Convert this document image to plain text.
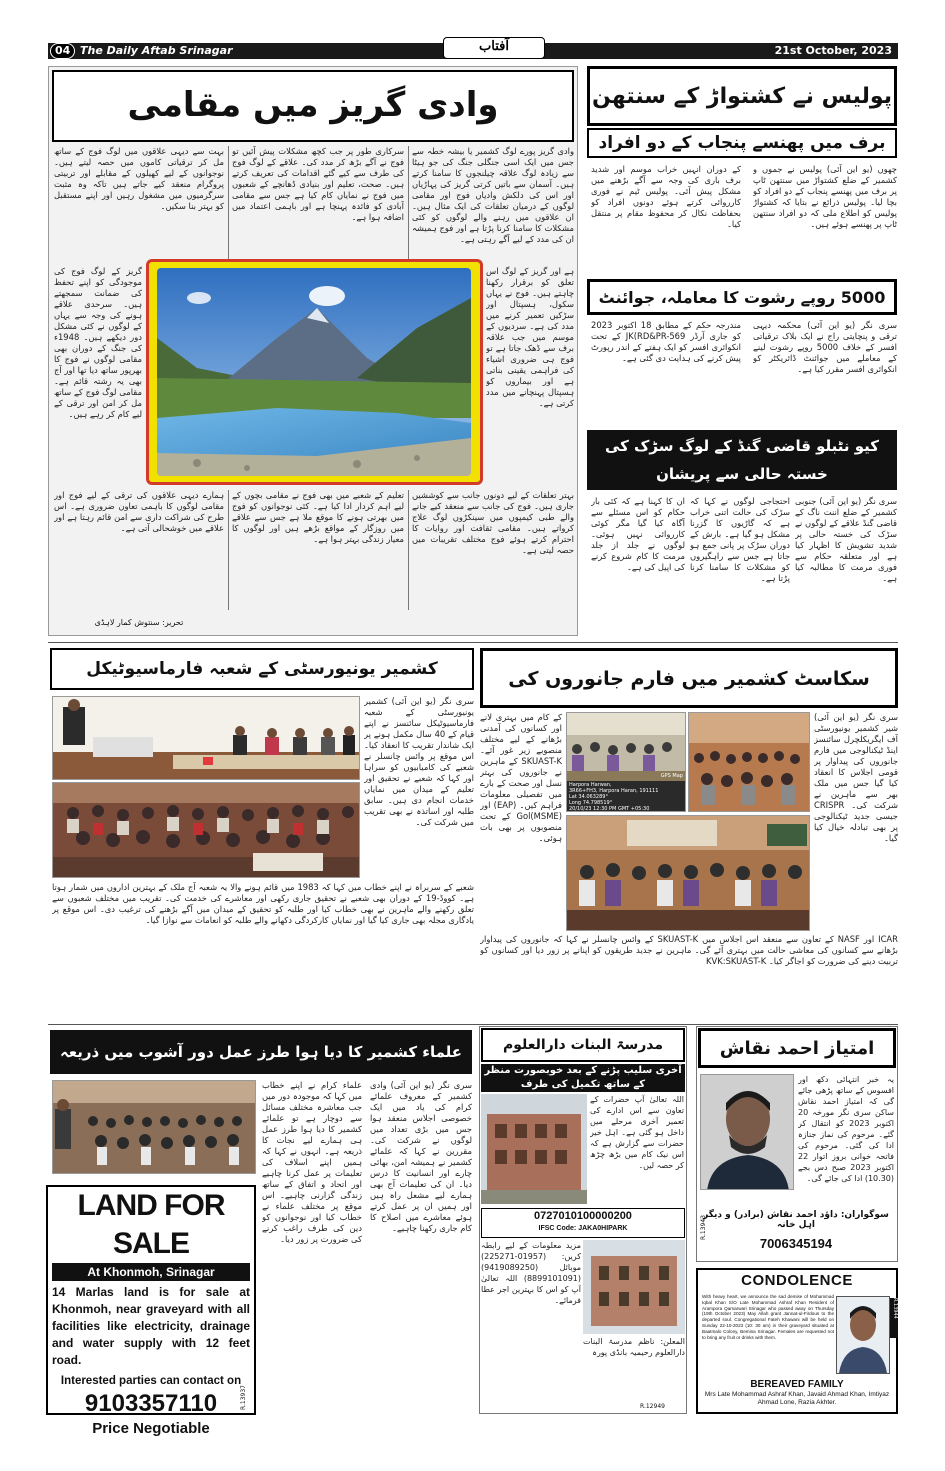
04 The Daily Aftab Srinagar	آفتاب	21st October, 2023
وادی گریز میں مقامی
وادی گریز پورے لوگ کشمیر یا بیشہ خطہ سے جس میں ایک اسی جنگلی جنگ کی جو ہیٹا سے زیادہ لوگ علاقہ چیلنجوں کا سامنا کرتے ہیں۔ آسمان سے باتیں کرتی گریز کی پہاڑیاں اور اس کی دلکش وادیاں فوج اور مقامی لوگوں کے درمیان تعلقات کی ایک مثال ہیں۔ ان علاقوں میں رہنے والے لوگوں کو کئی مشکلات کا سامنا کرنا پڑتا ہے اور فوج ہمیشہ ان کی مدد کے لیے آگے رہتی ہے۔
سرکاری طور پر جب کچھ مشکلات پیش آئیں تو فوج نے آگے بڑھ کر مدد کی۔ علاقے کے لوگ فوج کی طرف سے کیے گئے اقدامات کی تعریف کرتے ہیں۔ صحت، تعلیم اور بنیادی ڈھانچے کے شعبوں میں فوج نے نمایاں کام کیا ہے جس سے مقامی آبادی کو فائدہ پہنچا ہے اور باہمی اعتماد میں اضافہ ہوا ہے۔
بہت سے دیہی علاقوں میں لوگ فوج کے ساتھ مل کر ترقیاتی کاموں میں حصہ لیتے ہیں۔ نوجوانوں کے لیے کھیلوں کے مقابلے اور تربیتی پروگرام منعقد کیے جاتے ہیں تاکہ وہ مثبت سرگرمیوں میں مشغول رہیں اور اپنے مستقبل کو بہتر بنا سکیں۔
گریز کے لوگ فوج کی موجودگی کو اپنے تحفظ کی ضمانت سمجھتے ہیں۔ سرحدی علاقے ہونے کی وجہ سے یہاں کے لوگوں نے کئی مشکل دور دیکھے ہیں۔ 1948ء کی جنگ کے دوران بھی مقامی لوگوں نے فوج کا بھرپور ساتھ دیا تھا اور آج بھی یہ رشتہ قائم ہے۔ مقامی لوگ فوج کے ساتھ مل کر امن اور ترقی کے لیے کام کر رہے ہیں۔
ہے اور گریز کے لوگ اس تعلق کو برقرار رکھنا چاہتے ہیں۔ فوج نے یہاں سکول، ہسپتال اور سڑکیں تعمیر کرنے میں مدد کی ہے۔ سردیوں کے موسم میں جب علاقہ برف سے ڈھک جاتا ہے تو فوج ہی ضروری اشیاء کی فراہمی یقینی بناتی ہے اور بیماروں کو ہسپتال پہنچانے میں مدد کرتی ہے۔
بہتر تعلقات کے لیے دونوں جانب سے کوششیں جاری ہیں۔ فوج کی جانب سے منعقد کیے جانے والے طبی کیمپوں میں سینکڑوں لوگ علاج کرواتے ہیں۔ مقامی ثقافت اور روایات کا احترام کرتے ہوئے فوج مختلف تقریبات میں حصہ لیتی ہے۔
تعلیم کے شعبے میں بھی فوج نے مقامی بچوں کے لیے اہم کردار ادا کیا ہے۔ کئی نوجوانوں کو فوج میں بھرتی ہونے کا موقع ملا ہے جس سے علاقے میں روزگار کے مواقع بڑھے ہیں اور لوگوں کا معیار زندگی بہتر ہوا ہے۔
ہمارے دیہی علاقوں کی ترقی کے لیے فوج اور مقامی لوگوں کا باہمی تعاون ضروری ہے۔ اس طرح کی شراکت داری سے امن قائم رہتا ہے اور علاقے میں خوشحالی آتی ہے۔
تحریر: سنتوش کمار لاہڈی
پولیس نے کشتواڑ کے سنتھن
برف میں پھنسے پنجاب کے دو افراد
چھوں (یو این آئی) پولیس نے جموں و کشمیر کے ضلع کشتواڑ میں سنتھن ٹاپ پر برف میں پھنسے پنجاب کے دو افراد کو بچا لیا۔ پولیس ذرائع نے بتایا کہ کشتواڑ پولیس کو اطلاع ملی کہ دو افراد سنتھن ٹاپ پر پھنسے ہوئے ہیں۔
کے دوران انہیں خراب موسم اور شدید برف باری کی وجہ سے آگے بڑھنے میں مشکل پیش آئی۔ پولیس ٹیم نے فوری کارروائی کرتے ہوئے دونوں افراد کو بحفاظت نکال کر محفوظ مقام پر منتقل کیا۔
5000 روپے رشوت کا معاملہ، جوائنٹ
سری نگر (یو این آئی) محکمہ دیہی ترقی و پنچایتی راج نے ایک بلاک ترقیاتی افسر کے خلاف 5000 روپے رشوت لینے کے معاملے میں جوائنٹ ڈائریکٹر کو انکوائری افسر مقرر کیا ہے۔
مندرجہ حکم کے مطابق 18 اکتوبر 2023 کو جاری آرڈر JK(RD&PR-569 کے تحت انکوائری افسر کو ایک ہفتے کے اندر رپورٹ پیش کرنے کی ہدایت دی گئی ہے۔
کیو نٹبلو قاضی گنڈ کے لوگ سڑک کی خستہ حالی سے پریشان
سری نگر (یو این آئی) جنوبی کشمیر کے ضلع اننت ناگ کے قاضی گنڈ علاقے کے لوگوں نے سڑک کی خستہ حالی پر شدید تشویش کا اظہار کیا ہے اور متعلقہ حکام سے فوری مرمت کا مطالبہ کیا ہے۔
احتجاجی لوگوں نے کہا کہ سڑک کی حالت اتنی خراب ہے کہ گاڑیوں کا گزرنا مشکل ہو گیا ہے۔ بارش کے دوران سڑک پر پانی جمع ہو جاتا ہے جس سے راہگیروں کو مشکلات کا سامنا کرنا پڑتا ہے۔
ان کا کہنا ہے کہ کئی بار حکام کو اس مسئلے سے آگاہ کیا گیا مگر کوئی کارروائی نہیں ہوئی۔ لوگوں نے جلد از جلد مرمت کا کام شروع کرنے کی اپیل کی ہے۔
کشمیر یونیورسٹی کے شعبہ فارماسیوٹیکل
سری نگر (یو این آئی) کشمیر یونیورسٹی کے شعبہ فارماسیوٹیکل سائنسز نے اپنے قیام کے 40 سال مکمل ہونے پر ایک شاندار تقریب کا انعقاد کیا۔ اس موقع پر وائس چانسلر نے شعبے کی کامیابیوں کو سراہا اور کہا کہ شعبے نے تحقیق اور تعلیم کے میدان میں نمایاں خدمات انجام دی ہیں۔ سابق طلبہ اور اساتذہ نے بھی تقریب میں شرکت کی۔
شعبے کے سربراہ نے اپنے خطاب میں کہا کہ 1983 میں قائم ہونے والا یہ شعبہ آج ملک کے بہترین اداروں میں شمار ہوتا ہے۔ کووڈ-19 کے دوران بھی شعبے نے تحقیق جاری رکھی اور معاشرے کی خدمت کی۔ تقریب میں مختلف شعبوں سے تعلق رکھنے والے ماہرین نے بھی خطاب کیا اور طلبہ کو تحقیق کے میدان میں آگے بڑھنے کی ترغیب دی۔ اس موقع پر یادگاری مجلہ بھی جاری کیا گیا اور نمایاں کارکردگی دکھانے والے طلبہ کو انعامات سے نوازا گیا۔
سکاسٹ کشمیر میں فارم جانوروں کی
Harpora Harwan,
3R66+FH3, Harpora Haran, 191111
Lat 34.063289°
Long 74.798519°
20/10/23 12:30 PM GMT +05:30
GPS Map
کے کام میں بہتری لانے اور کسانوں کی آمدنی بڑھانے کے لیے مختلف منصوبے زیر غور آئے۔ SKUAST-K کے ماہرین نے جانوروں کی بہتر نسل اور صحت کے بارے میں تفصیلی معلومات فراہم کیں۔ (EAP) اور Gol(MSME) کے تحت منصوبوں پر بھی بات ہوئی۔
سری نگر (یو این آئی) شیر کشمیر یونیورسٹی آف ایگریکلچرل سائنسز اینڈ ٹیکنالوجی میں فارم جانوروں کی پیداوار پر قومی اجلاس کا انعقاد کیا گیا جس میں ملک بھر سے ماہرین نے شرکت کی۔ CRISPR جیسی جدید ٹیکنالوجی پر بھی تبادلہ خیال کیا گیا۔
ICAR اور NASF کے تعاون سے منعقد اس اجلاس میں SKUAST-K کے وائس چانسلر نے کہا کہ جانوروں کی پیداوار بڑھانے سے کسانوں کی معاشی حالت میں بہتری آئے گی۔ ماہرین نے جدید طریقوں کو اپنانے پر زور دیا اور کسانوں کو تربیت دینے کی ضرورت کو اجاگر کیا۔ KVK:SKUAST-K
علماء کشمیر کا دیا ہوا طرز عمل دور آشوب میں ذریعہ
علماء کرام نے اپنے خطاب میں کہا کہ موجودہ دور میں جب معاشرہ مختلف مسائل سے دوچار ہے تو علمائے کشمیر کا دیا ہوا طرز عمل ہی ہمارے لیے نجات کا ذریعہ ہے۔ انہوں نے کہا کہ ہمیں اپنے اسلاف کی تعلیمات پر عمل کرنا چاہیے اور اتحاد و اتفاق کے ساتھ زندگی گزارنی چاہیے۔ اس موقع پر مختلف علماء نے خطاب کیا اور نوجوانوں کو دین کی طرف راغب کرنے کی ضرورت پر زور دیا۔
سری نگر (یو این آئی) وادی کشمیر کے معروف علمائے کرام کی یاد میں ایک خصوصی اجلاس منعقد ہوا جس میں بڑی تعداد میں لوگوں نے شرکت کی۔ مقررین نے کہا کہ علمائے کشمیر نے ہمیشہ امن، بھائی چارے اور انسانیت کا درس دیا۔ ان کی تعلیمات آج بھی ہمارے لیے مشعل راہ ہیں اور ہمیں ان پر عمل کرتے ہوئے معاشرے میں اصلاح کا کام جاری رکھنا چاہیے۔
LAND FOR SALE
At Khonmoh, Srinagar
14 Marlas land is for sale at Khonmoh, near graveyard with all facilities like electricity, drainage and water supply with 12 feet road.
Interested parties can contact on
9103357110
Price Negotiable
R.13937
مدرسۃ البنات دارالعلوم
آخری سلیب پڑنے کے بعد خوبصورت منظر کے ساتھ تکمیل کی طرف
اللہ تعالیٰ آپ حضرات کے تعاون سے اس ادارے کی تعمیر آخری مرحلے میں داخل ہو گئی ہے۔ اہل خیر حضرات سے گزارش ہے کہ اس نیک کام میں بڑھ چڑھ کر حصہ لیں۔
0727010100000200
IFSC Code: JAKA0HIPARK
مزید معلومات کے لیے رابطہ کریں: (01957-225271) موبائل (9419089250) (8899101091) اللہ تعالیٰ آپ کو اس کا بہترین اجر عطا فرمائے۔
المعلن: ناظم مدرسۃ البنات دارالعلوم رحیمیہ بانڈی پورہ
R.12949
امتیاز احمد نقاش
یہ خبر انتہائی دکھ اور افسوس کے ساتھ پڑھی جائے گی کہ امتیاز احمد نقاش ساکن سری نگر مورخہ 20 اکتوبر 2023 کو انتقال کر گئے۔ مرحوم کی نماز جنازہ ادا کی گئی۔ مرحوم کی فاتحہ خوانی بروز اتوار 22 اکتوبر 2023 صبح دس بجے (10.30) ادا کی جائے گی۔
سوگواران: داؤد احمد نقاش (برادر) و دیگر اہل خانہ
7006345194
R.13943
CONDOLENCE
With heavy heart, we announce the sad demise of Mohammad Iqbal Khan S/O Late Mohammad Ashraf Khan Resident of Arampora Qamarwari Srinagar who passed away on Thursday (19th October 2023) May Allah grant Jannat-ul-Firdous to the departed soul. Congregational Fateh Khawani will be held on Sunday 22-10-2023 (10: 30 am) in their graveyard situated at Baatmalo Colony, Bemina Srinagar. Females are requested not to bring any fruit or drinks with them.
R.13944
BEREAVED FAMILY
Mrs Late Mohammad Ashraf Khan, Javaid Ahmad Khan, Imtiyaz Ahmad Lone, Razia Akhter.
